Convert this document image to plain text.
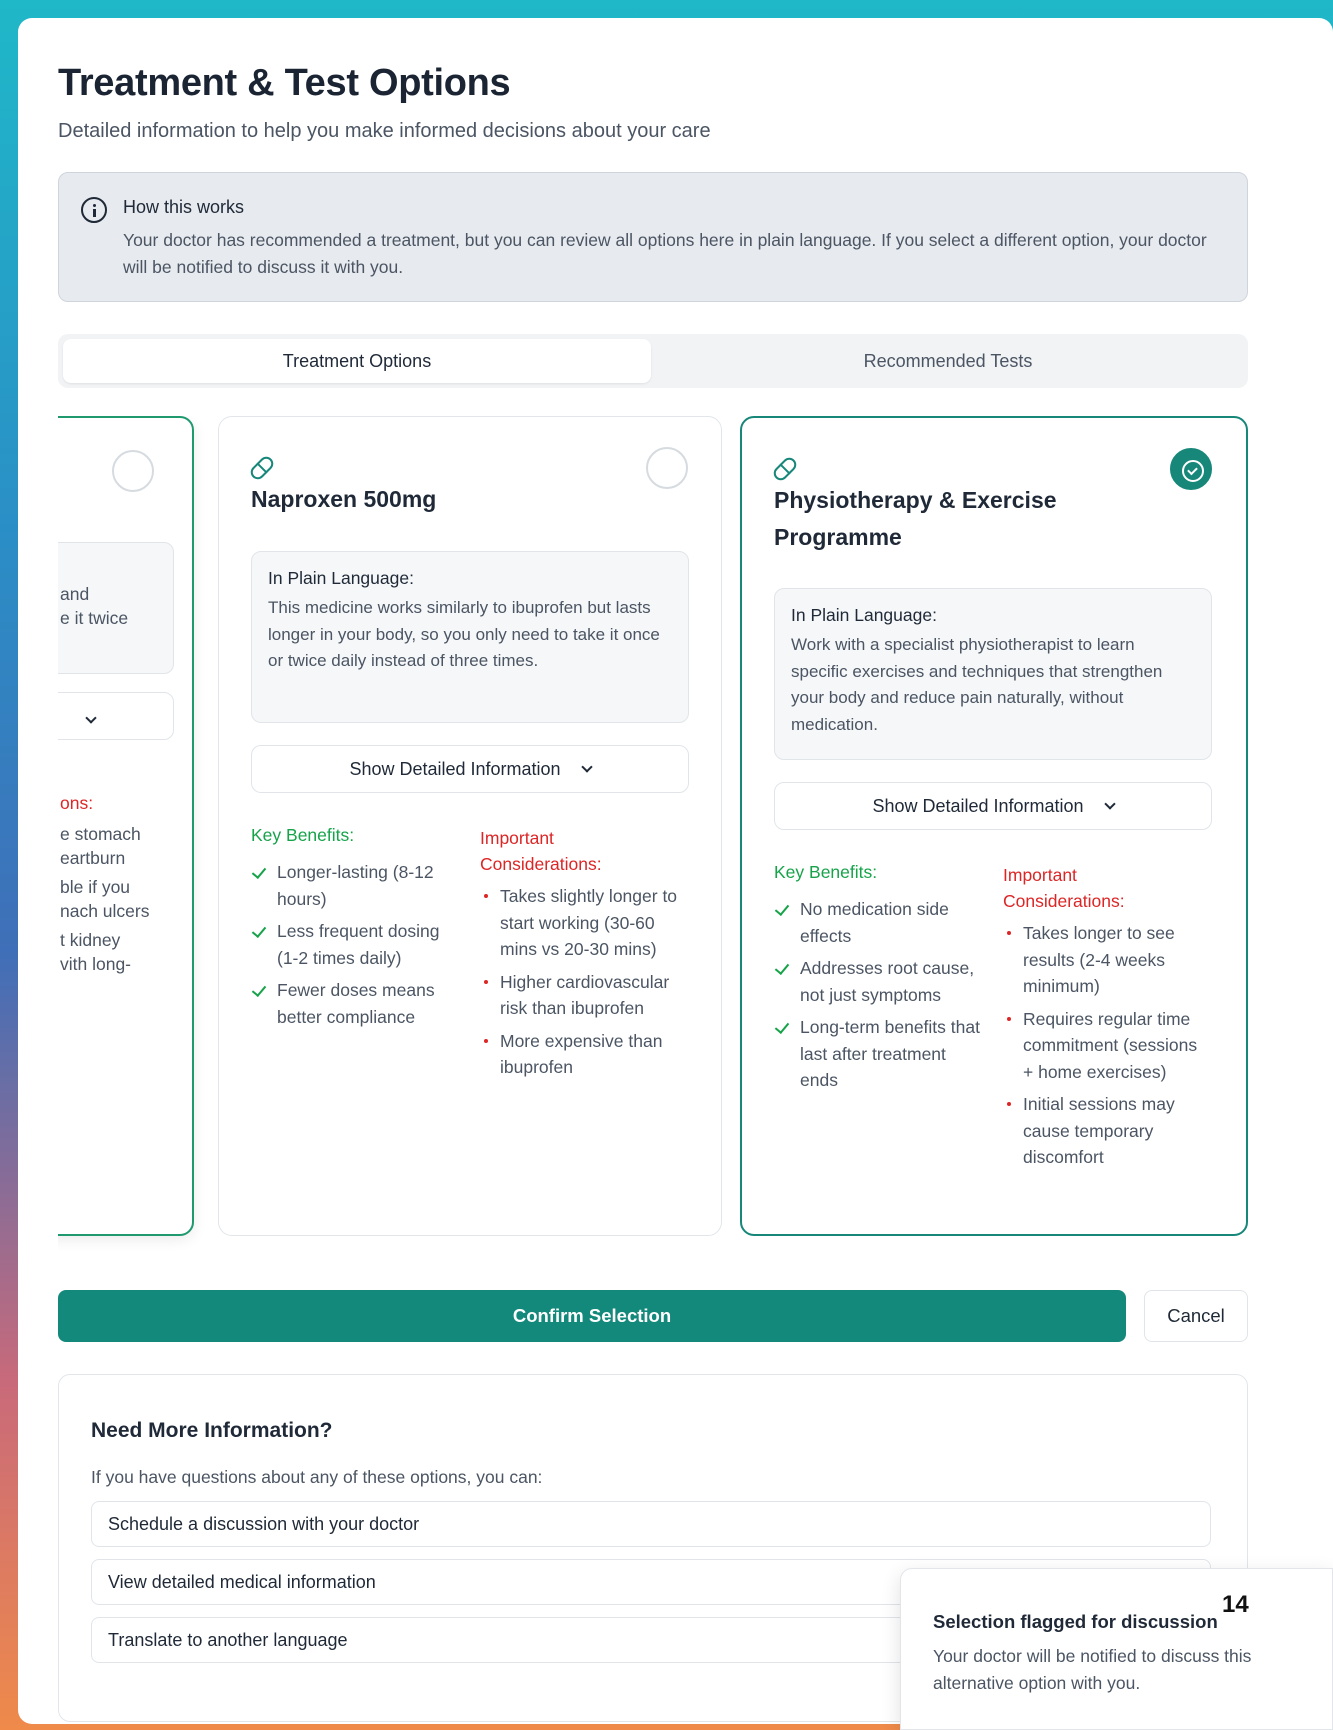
Treatment & Test Options

Detailed information to help you make informed decisions about your care

How this works
Your doctor has recommended a treatment, but you can review all options here in plain language. If you select a different option, your doctor will be notified to discuss it with you.
Treatment Options	Recommended Tests
and
e it twice
ons:
e stomach
eartburn
ble if you
nach ulcers
t kidney
vith long-
Naproxen 500mg
In Plain Language:
This medicine works similarly to ibuprofen but lasts longer in your body, so you only need to take it once or twice daily instead of three times.
Show Detailed Information
Key Benefits:
Longer-lasting (8-12 hours)
Less frequent dosing (1-2 times daily)
Fewer doses means better compliance
Important Considerations:
Takes slightly longer to start working (30-60 mins vs 20-30 mins)
Higher cardiovascular risk than ibuprofen
More expensive than ibuprofen
Physiotherapy & Exercise Programme
In Plain Language:
Work with a specialist physiotherapist to learn specific exercises and techniques that strengthen your body and reduce pain naturally, without medication.
Show Detailed Information
Key Benefits:
No medication side effects
Addresses root cause, not just symptoms
Long-term benefits that last after treatment ends
Important Considerations:
Takes longer to see results (2-4 weeks minimum)
Requires regular time commitment (sessions + home exercises)
Initial sessions may cause temporary discomfort
Confirm Selection	Cancel
Need More Information?
If you have questions about any of these options, you can:
Schedule a discussion with your doctor
View detailed medical information
Translate to another language
Selection flagged for discussion
Your doctor will be notified to discuss this alternative option with you.
14
